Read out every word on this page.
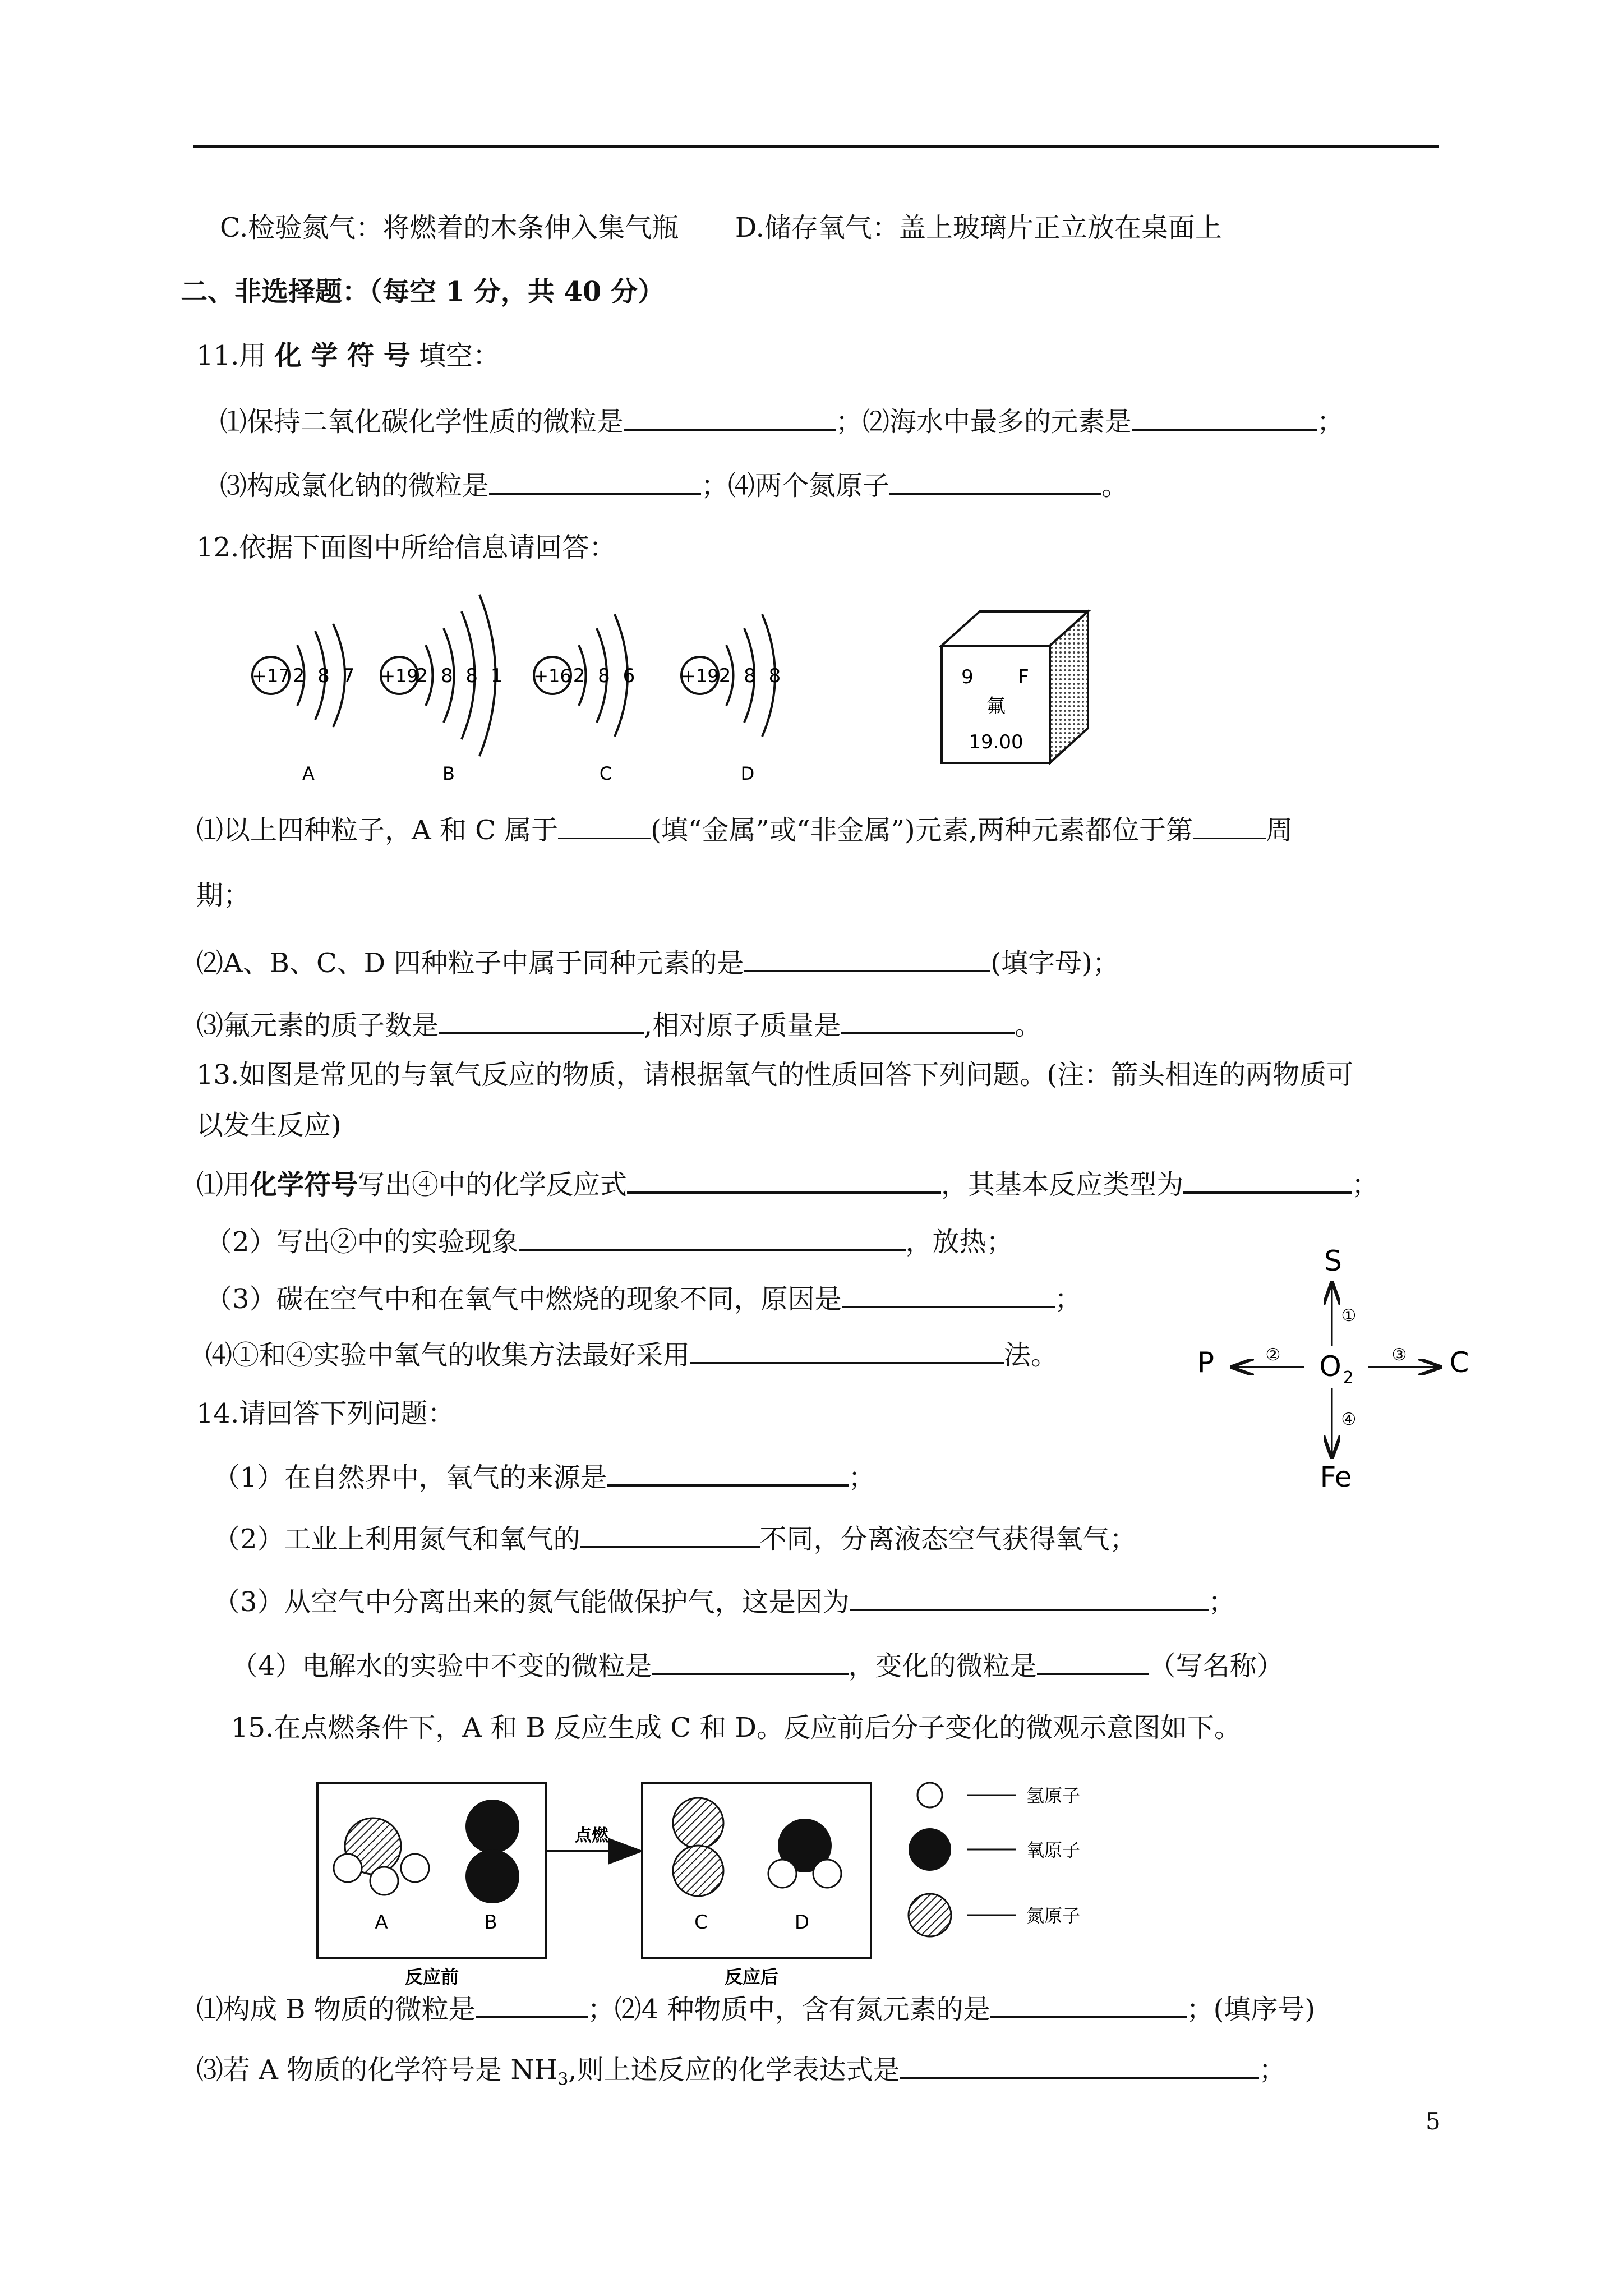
C.检验氮气：将燃着的木条伸入集气瓶 D.储存氧气：盖上玻璃片正立放在桌面上
二、非选择题：（每空 1 分，共 40 分）
11.用 化 学 符 号 填空：
⑴保持二氧化碳化学性质的微粒是	；⑵海水中最多的元素是	；
⑶构成氯化钠的微粒是	；⑷两个氮原子	。
12.依据下面图中所给信息请回答：
+17 2 8 7
A
+19
2 8 8 1
B
+16 2 8 6
C
+19 2 8 8
D
9 F
氟
19.00
⑴以上四种粒子，A 和 C 属于	(填“金属”或“非金属”)元素,两种元素都位于第	周
期；
⑵A、B、C、D 四种粒子中属于同种元素的是	(填字母)；
⑶氟元素的质子数是	,相对原子质量是	。
13.如图是常见的与氧气反应的物质，请根据氧气的性质回答下列问题。(注：箭头相连的两物质可
以发生反应)
⑴用化学符号写出④中的化学反应式	，其基本反应类型为	；
（2）写出②中的实验现象	，放热；
（3）碳在空气中和在氧气中燃烧的现象不同，原因是	；
⑷①和④实验中氧气的收集方法最好采用	法。
S
P	C
Fe
O 2
①
②	③
④
14.请回答下列问题：
（1）在自然界中，氧气的来源是	；
（2）工业上利用氮气和氧气的	不同，分离液态空气获得氧气；
（3）从空气中分离出来的氮气能做保护气，这是因为	；
（4）电解水的实验中不变的微粒是	，变化的微粒是	（写名称）
15.在点燃条件下，A 和 B 反应生成 C 和 D。反应前后分子变化的微观示意图如下。
A	B
反应前
点燃
C	D
反应后
氢原子
氧原子
氮原子
⑴构成 B 物质的微粒是	；⑵4 种物质中，含有氮元素的是	；(填序号)
⑶若 A 物质的化学符号是 $NH_3$,则上述反应的化学表达式是	；
5
